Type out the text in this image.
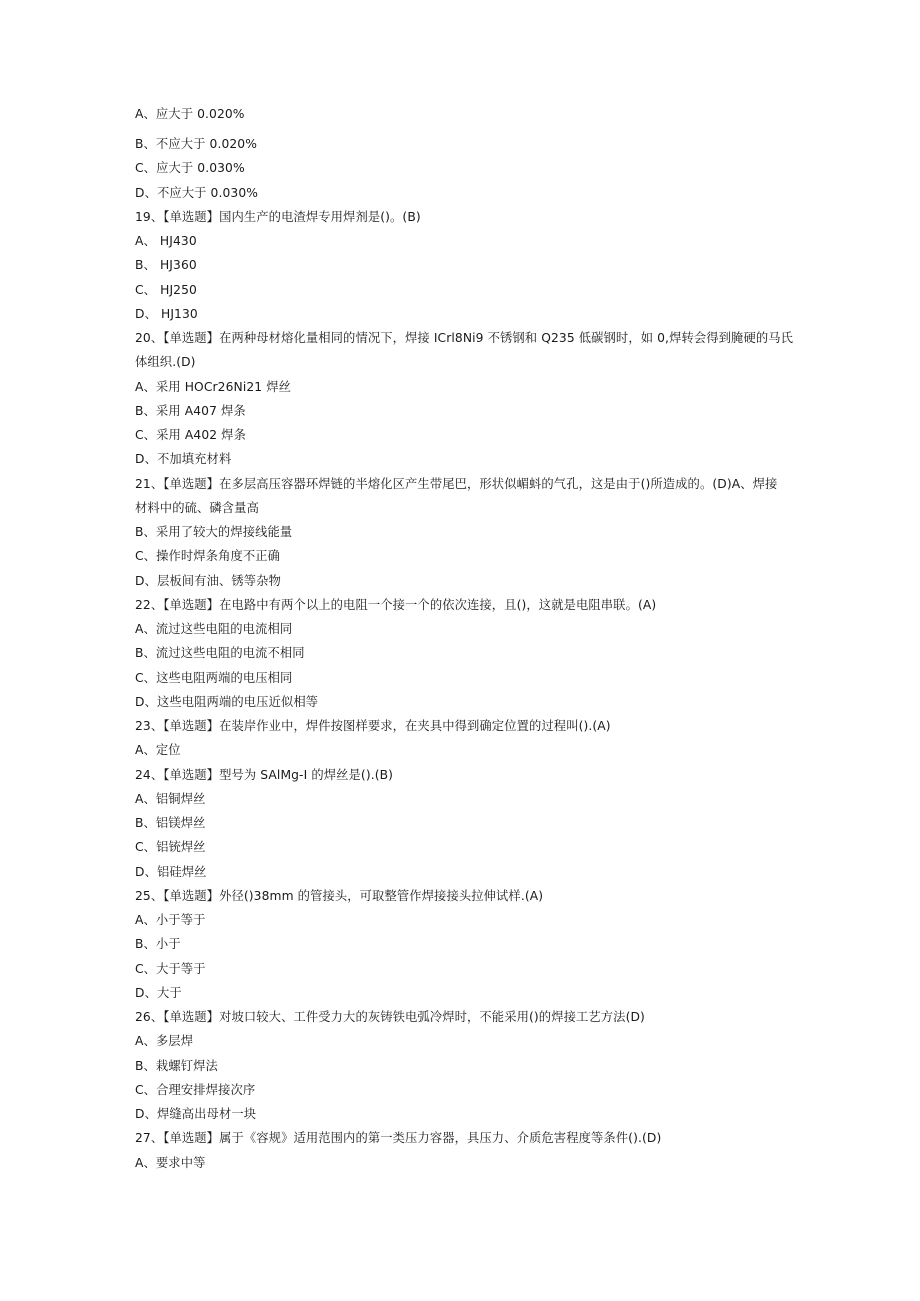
A、应大于 0.020%
B、不应大于 0.020%
C、应大于 0.030%
D、不应大于 0.030%
19、【单选题】国内生产的电渣焊专用焊剂是()。(B)
A、 HJ430
B、 HJ360
C、 HJ250
D、 HJ130
20、【单选题】在两种母材熔化量相同的情况下，焊接 ICrl8Ni9 不锈钢和 Q235 低碳钢时，如 0,焊转会得到腌硬的马氏
体组织.(D)
A、采用 HOCr26Ni21 焊丝
B、采用 A407 焊条
C、采用 A402 焊条
D、不加填充材料
21、【单选题】在多层高压容器环焊链的半熔化区产生带尾巴，形状似嵋蚪的气孔，这是由于()所造成的。(D)A、焊接
材料中的硫、磷含量高
B、采用了较大的焊接线能量
C、操作时焊条角度不正确
D、层板间有油、锈等杂物
22、【单选题】在电路中有两个以上的电阻一个接一个的依次连接，且()，这就是电阻串联。(A)
A、流过这些电阻的电流相同
B、流过这些电阻的电流不相同
C、这些电阻两端的电压相同
D、这些电阻两端的电压近似相等
23、【单选题】在装岸作业中，焊件按图样要求，在夹具中得到确定位置的过程叫().(A)
A、定位
24、【单选题】型号为 SAlMg-I 的焊丝是().(B)
A、铝铜焊丝
B、铝镁焊丝
C、铝铳焊丝
D、铝硅焊丝
25、【单选题】外径()38mm 的管接头，可取整管作焊接接头拉伸试样.(A)
A、小于等于
B、小于
C、大于等于
D、大于
26、【单选题】对坡口较大、工件受力大的灰铸铁电弧冷焊时，不能采用()的焊接工艺方法(D)
A、多层焊
B、栽螺钉焊法
C、合理安排焊接次序
D、焊缝高出母材一块
27、【单选题】属于《容规》适用范围内的第一类压力容器，具压力、介质危害程度等条件().(D)
A、要求中等
